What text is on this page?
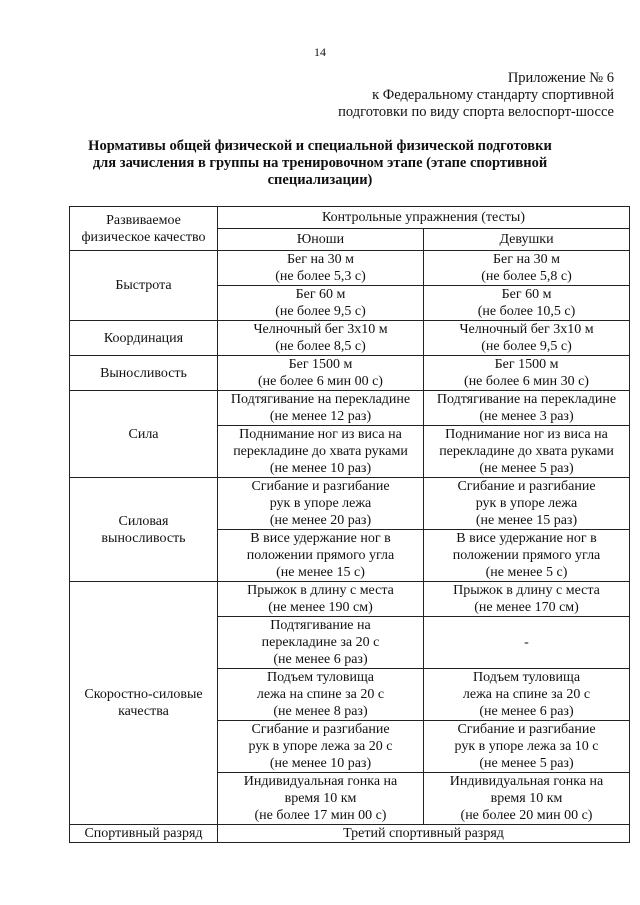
14
Приложение № 6
к Федеральному стандарту спортивной
подготовки по виду спорта велоспорт-шоссе
Нормативы общей физической и специальной физической подготовки
для зачисления в группы на тренировочном этапе (этапе спортивной
специализации)
Развиваемое
физическое качество	Контрольные упражнения (тесты)	
	Юноши	Девушки

Быстрота	Бег на 30 м
(не более 5,3 с)	Бег на 30 м
(не более 5,8 с)

	Бег 60 м
(не более 9,5 с)	Бег 60 м
(не более 10,5 с)

Координация	Челночный бег 3x10 м
(не более 8,5 с)	Челночный бег 3x10 м
(не более 9,5 с)

Выносливость	Бег 1500 м
(не более 6 мин 00 с)	Бег 1500 м
(не более 6 мин 30 с)

Сила	Подтягивание на перекладине
(не менее 12 раз)	Подтягивание на перекладине
(не менее 3 раз)

	Поднимание ног из виса на
перекладине до хвата руками
(не менее 10 раз)	Поднимание ног из виса на
перекладине до хвата руками
(не менее 5 раз)

Силовая
выносливость	Сгибание и разгибание
рук в упоре лежа
(не менее 20 раз)	Сгибание и разгибание
рук в упоре лежа
(не менее 15 раз)

	В висе удержание ног в
положении прямого угла
(не менее 15 с)	В висе удержание ног в
положении прямого угла
(не менее 5 с)

Скоростно-силовые
качества	Прыжок в длину с места
(не менее 190 см)	Прыжок в длину с места
(не менее 170 см)

	Подтягивание на
перекладине за 20 с
(не менее 6 раз)	-

	Подъем туловища
лежа на спине за 20 с
(не менее 8 раз)	Подъем туловища
лежа на спине за 20 с
(не менее 6 раз)

	Сгибание и разгибание
рук в упоре лежа за 20 с
(не менее 10 раз)	Сгибание и разгибание
рук в упоре лежа за 10 с
(не менее 5 раз)

	Индивидуальная гонка на
время 10 км
(не более 17 мин 00 с)	Индивидуальная гонка на
время 10 км
(не более 20 мин 00 с)

Спортивный разряд	Третий спортивный разряд	
